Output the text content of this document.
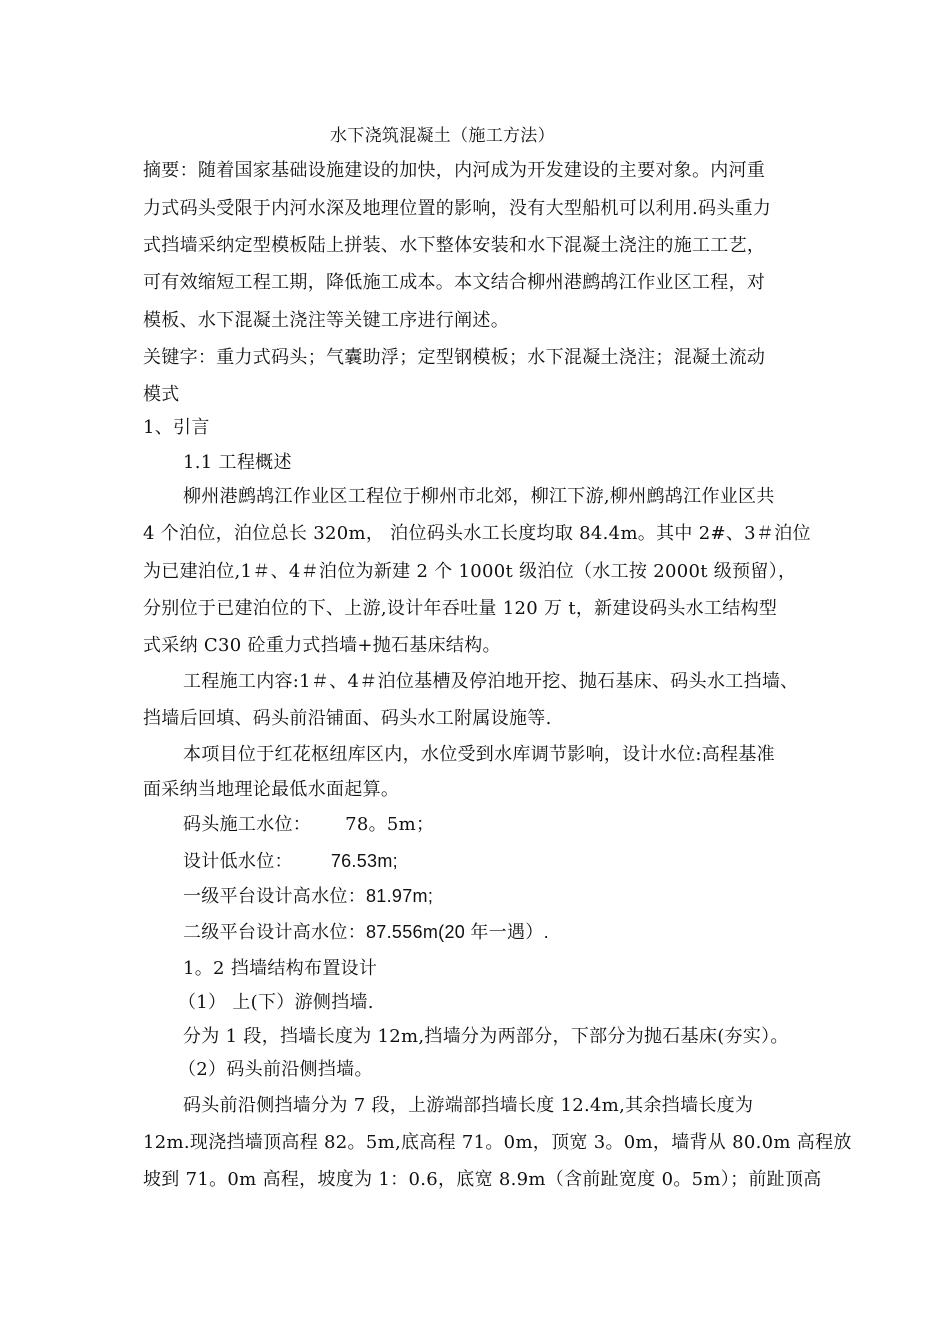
水下浇筑混凝土（施工方法）
摘要：随着国家基础设施建设的加快，内河成为开发建设的主要对象。内河重
力式码头受限于内河水深及地理位置的影响，没有大型船机可以利用.码头重力
式挡墙采纳定型模板陆上拼装、水下整体安装和水下混凝土浇注的施工工艺，
可有效缩短工程工期，降低施工成本。本文结合柳州港鹧鸪江作业区工程，对
模板、水下混凝土浇注等关键工序进行阐述。
关键字：重力式码头；气囊助浮；定型钢模板；水下混凝土浇注；混凝土流动
模式
1、引言
1.1 工程概述
柳州港鹧鸪江作业区工程位于柳州市北郊，柳江下游,柳州鹧鸪江作业区共
4 个泊位，泊位总长 320m， 泊位码头水工长度均取 84.4m。其中 2#、3＃泊位
为已建泊位,1＃、4＃泊位为新建 2 个 1000t 级泊位（水工按 2000t 级预留），
分别位于已建泊位的下、上游,设计年吞吐量 120 万 t，新建设码头水工结构型
式采纳 C30 砼重力式挡墙+抛石基床结构。
工程施工内容:1＃、4＃泊位基槽及停泊地开挖、抛石基床、码头水工挡墙、
挡墙后回填、码头前沿铺面、码头水工附属设施等.
本项目位于红花枢纽库区内，水位受到水库调节影响，设计水位:高程基准
面采纳当地理论最低水面起算。
码头施工水位： 78。5m；
设计低水位： 76.53m;
一级平台设计高水位：81.97m;
二级平台设计高水位：87.556m(20 年一遇）.
1。2 挡墙结构布置设计
（1） 上(下）游侧挡墙.
分为 1 段，挡墙长度为 12m,挡墙分为两部分，下部分为抛石基床(夯实）。
（2）码头前沿侧挡墙。
码头前沿侧挡墙分为 7 段，上游端部挡墙长度 12.4m,其余挡墙长度为
12m.现浇挡墙顶高程 82。5m,底高程 71。0m，顶宽 3。0m，墙背从 80.0m 高程放
坡到 71。0m 高程，坡度为 1：0.6，底宽 8.9m（含前趾宽度 0。5m）；前趾顶高
